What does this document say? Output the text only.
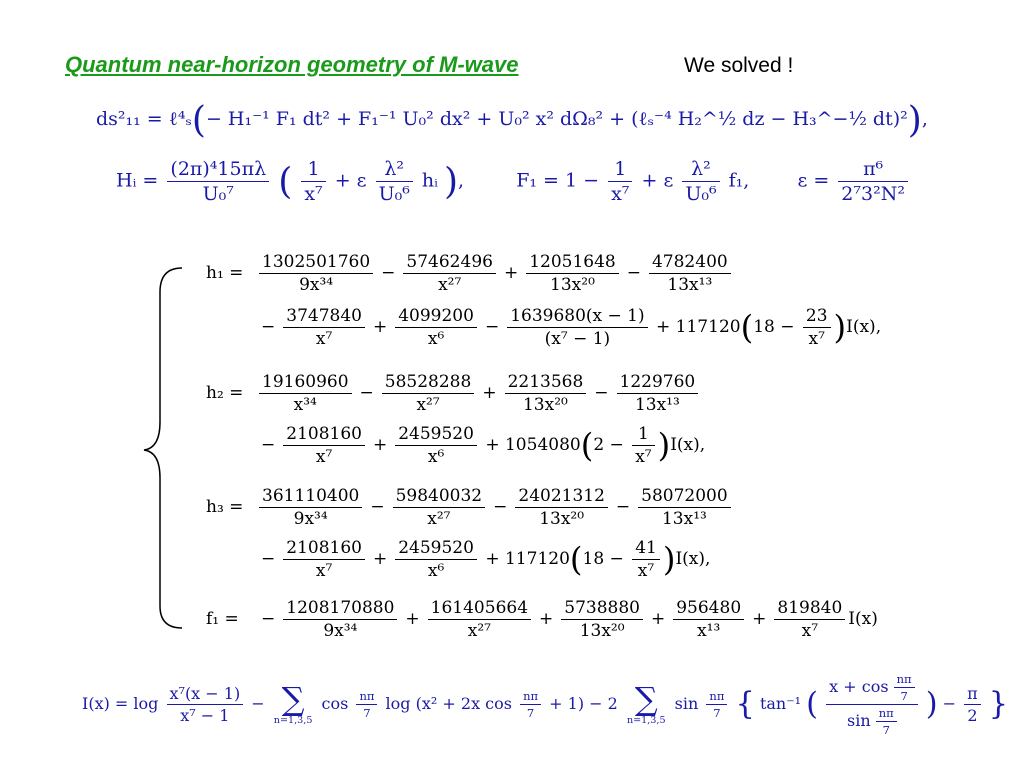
Quantum near-horizon geometry of M-wave	We solved !
ds²₁₁ = ℓ⁴ₛ(− H₁⁻¹ F₁ dt² + F₁⁻¹ U₀² dx² + U₀² x² dΩ₈² + (ℓₛ⁻⁴ H₂^½ dz − H₃^−½ dt)²),
Hᵢ = $\frac{\text{(2π)⁴15πλ}}{\text{U₀⁷}}$ ( $\frac{1}{\text{x⁷}} + \varepsilon \frac{\text{λ²}}{\text{U₀⁶}}$ hᵢ ),  $F_1 = 1 - \frac{1}{\text{x⁷}} + \varepsilon \frac{\text{λ²}}{\text{U₀⁶}} f_1$,	$\varepsilon = \frac{\text{π⁶}}{\text{2⁷3²N²}}$
$h_1 = \frac{1302501760}{\text{9x³⁴}} - \frac{57462496}{\text{x²⁷}} + \frac{12051648}{\text{13x²⁰}} - \frac{4782400}{\text{13x¹³}}$
− $\frac{3747840}{\text{x⁷}} + \frac{4099200}{\text{x⁶}} - \frac{1639680(x - 1)}{\text{(x⁷ − 1)}} + 117120(18 - \frac{23}{\text{x⁷}} )I(x)$,
$h_2 = \frac{19160960}{\text{x³⁴}} - \frac{58528288}{\text{x²⁷}} + \frac{2213568}{\text{13x²⁰}} - \frac{1229760}{\text{13x¹³}}$
− $\frac{2108160}{\text{x⁷}} + \frac{2459520}{\text{x⁶}} + 1054080(2 - \frac{1}{\text{x⁷}} )I(x)$,
$h_3 = \frac{361110400}{\text{9x³⁴}} - \frac{59840032}{\text{x²⁷}} - \frac{24021312}{\text{13x²⁰}} - \frac{58072000}{\text{13x¹³}}$
− $\frac{2108160}{\text{x⁷}} + \frac{2459520}{\text{x⁶}} + 117120(18 - \frac{41}{\text{x⁷}} )I(x)$,
f₁ = − $\frac{1208170880}{\text{9x³⁴}} + \frac{161405664}{\text{x²⁷}} + \frac{5738880}{\text{13x²⁰}} + \frac{956480}{\text{x¹³}} + \frac{819840}{\text{x⁷}} I(x)$
$I(x) = \log \frac{\text{x⁷(x − 1)}}{\text{x⁷ − 1}}$ − ∑
n=1,3,5
$\cos \frac{n\pi}{7}$ log (x² + 2x $\cos \frac{n\pi}{7} + 1) - 2$ ∑
n=1,3,5
$\sin \frac{n\pi}{7}$ { tan⁻¹ ( $\frac{x + \cos \frac{n\pi}{7}}{\sin \frac{n\pi}{7}}$ ) − $\frac{\pi}{2}$ }
